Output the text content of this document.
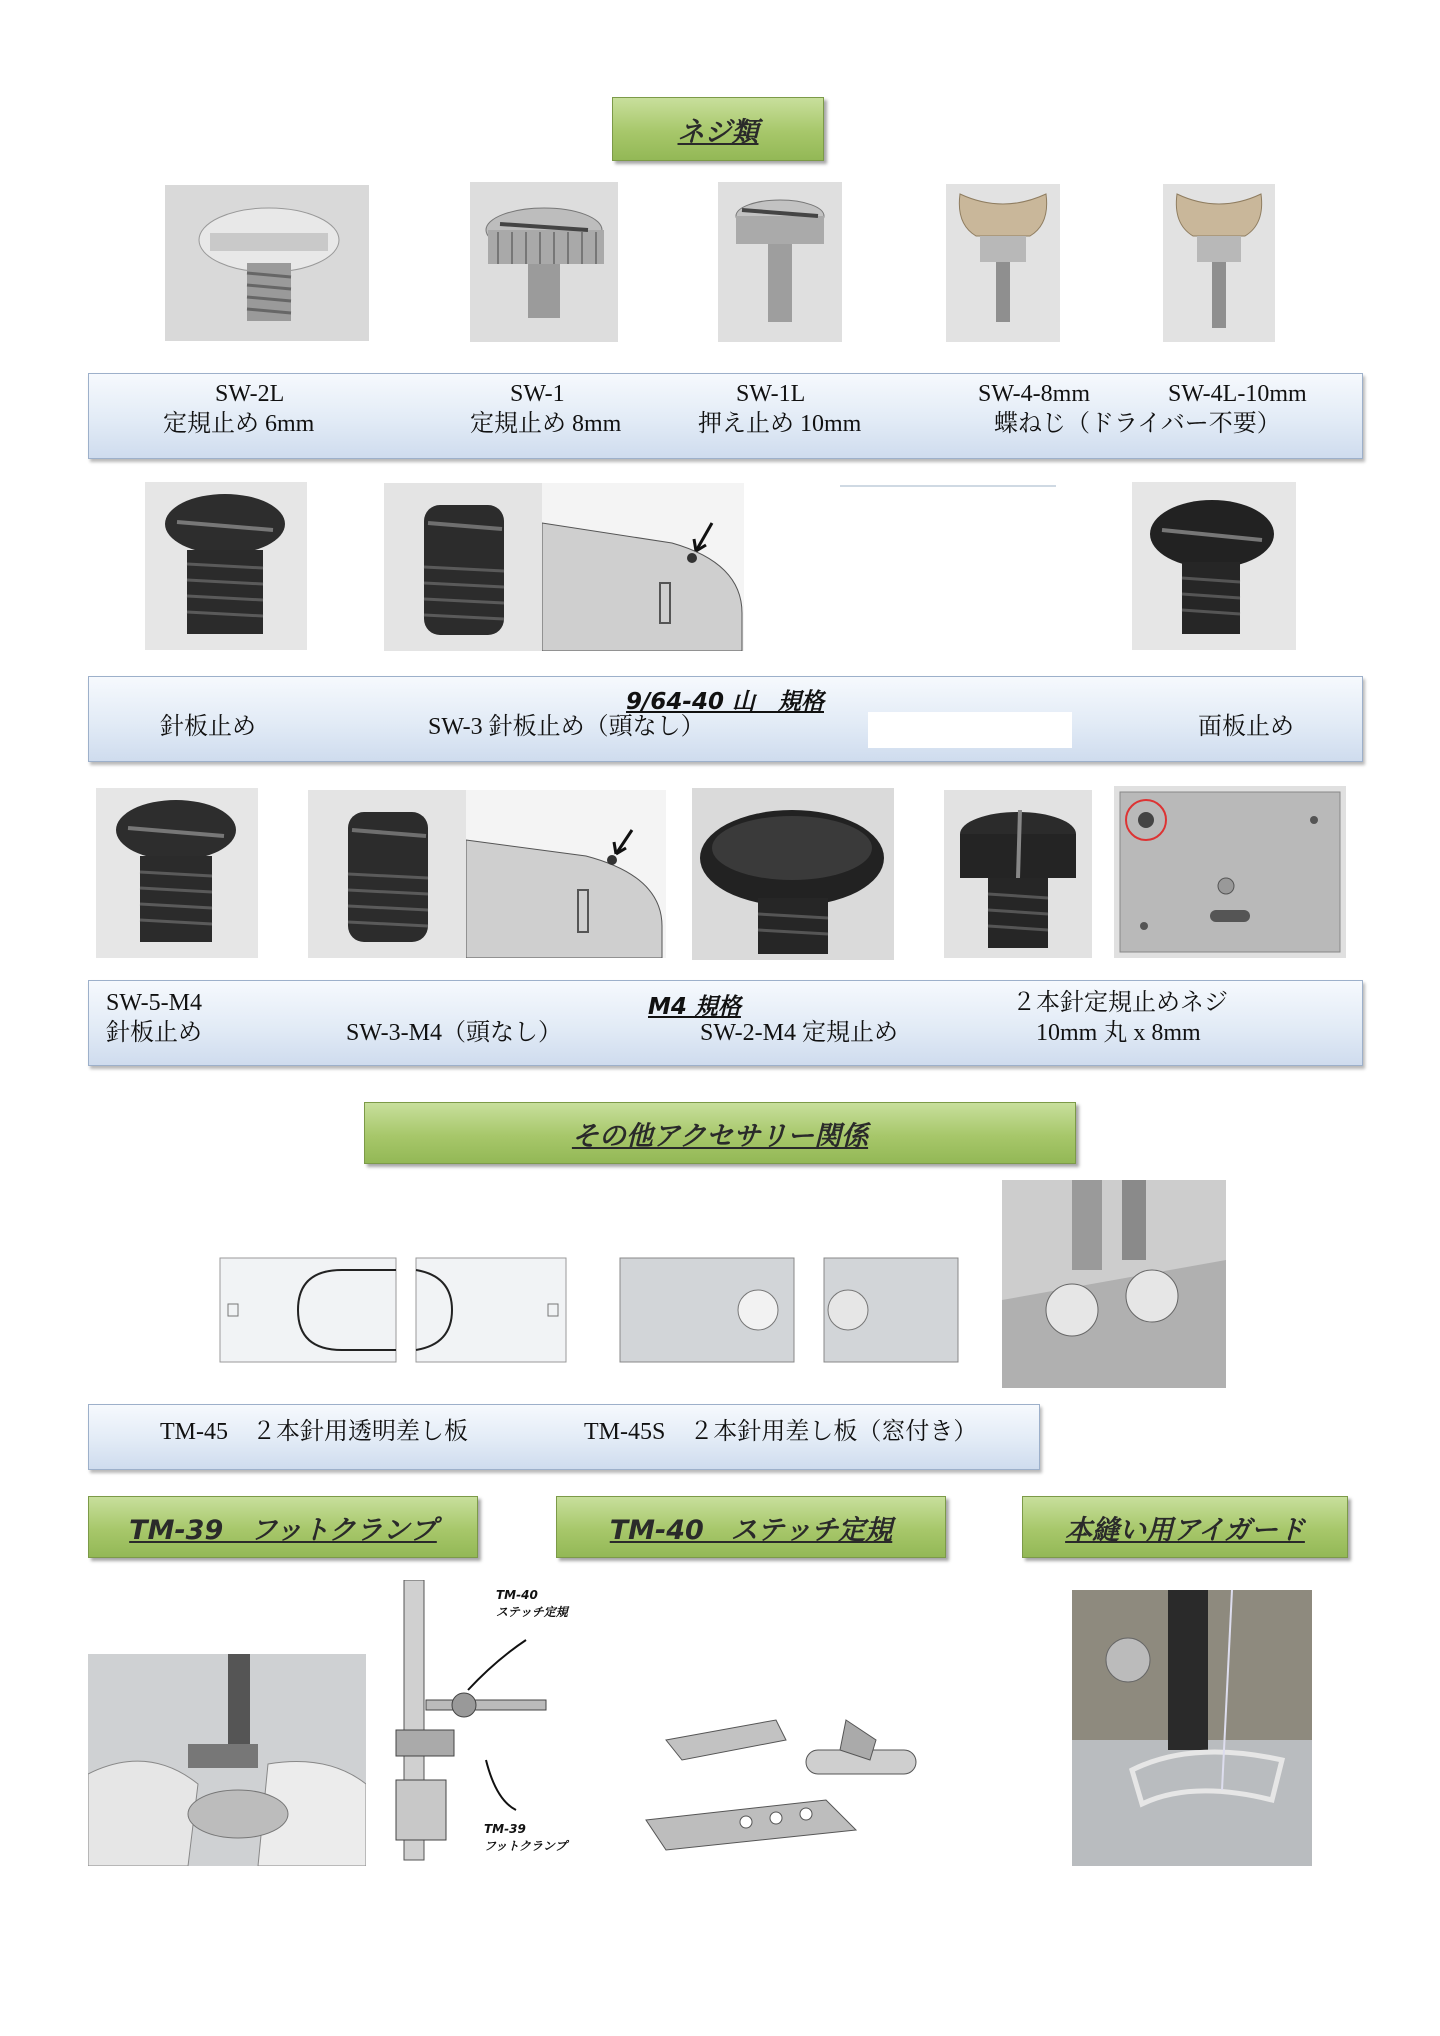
ネジ類
SW-2L
定規止め 6mm
SW-1
定規止め 8mm
SW-1L
押え止め 10mm
SW-4-8mm	SW-4L-10mm
蝶ねじ（ドライバー不要）
9/64-40 山　規格
針板止め	SW-3 針板止め（頭なし）	面板止め
SW-5-M4
針板止め
M4 規格
SW-3-M4（頭なし）	SW-2-M4 定規止め
２本針定規止めネジ
10mm 丸 x 8mm
その他アクセサリー関係
TM-45　２本針用透明差し板	TM-45S　２本針用差し板（窓付き）
TM-39　フットクランプ	TM-40　ステッチ定規	本縫い用アイガード
TM-40
ステッチ定規
TM-39
フットクランプ
